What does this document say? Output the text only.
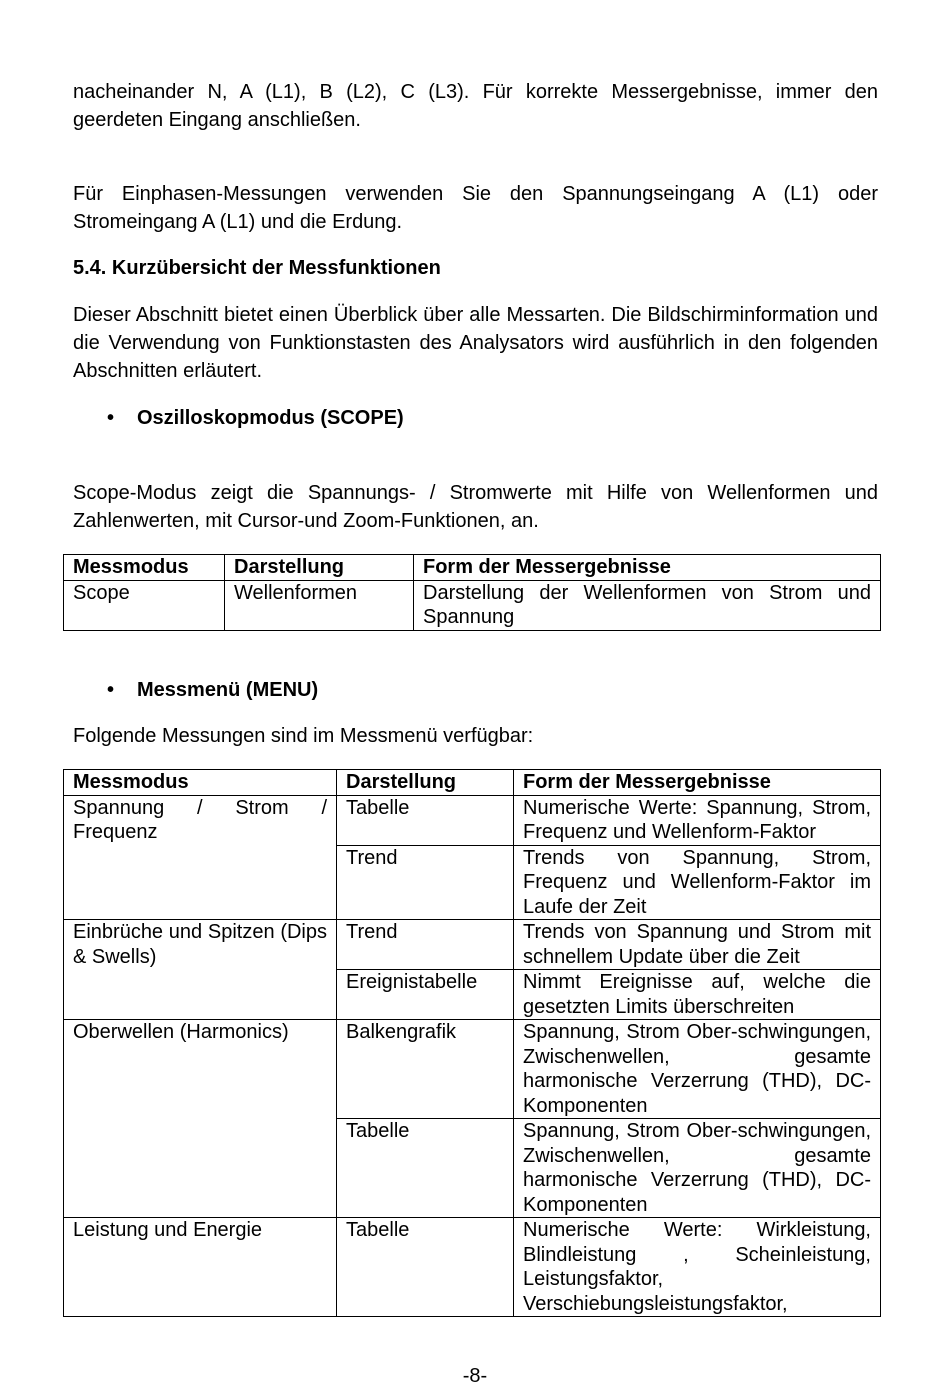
nacheinander N, A (L1), B (L2), C (L3). Für korrekte Messergebnisse, immer den geerdeten Eingang anschließen.

Für Einphasen-Messungen verwenden Sie den Spannungseingang A (L1) oder Stromeingang A (L1) und die Erdung.

5.4. Kurzübersicht der Messfunktionen

Dieser Abschnitt bietet einen Überblick über alle Messarten. Die Bildschirminformation und die Verwendung von Funktionstasten des Analysators wird ausführlich in den folgenden Abschnitten erläutert.

• Oszilloskopmodus (SCOPE)

Scope-Modus zeigt die Spannungs- / Stromwerte mit Hilfe von Wellenformen und Zahlenwerten, mit Cursor-und Zoom-Funktionen, an.

Messmodus	Darstellung	Form der Messergebnisse
Scope	Wellenformen	Darstellung der Wellenformen von Strom und Spannung

• Messmenü (MENU)

Folgende Messungen sind im Messmenü verfügbar:

Messmodus	Darstellung	Form der Messergebnisse
Spannung / Strom / Frequenz	Tabelle	Numerische Werte: Spannung, Strom, Frequenz und Wellenform-Faktor
	Trend	Trends von Spannung, Strom, Frequenz und Wellenform-Faktor im Laufe der Zeit
Einbrüche und Spitzen (Dips & Swells)	Trend	Trends von Spannung und Strom mit schnellem Update über die Zeit
	Ereignistabelle	Nimmt Ereignisse auf, welche die gesetzten Limits überschreiten
Oberwellen (Harmonics)	Balkengrafik	Spannung, Strom Ober-schwingungen, Zwischenwellen, gesamte harmonische Verzerrung (THD), DC-Komponenten
	Tabelle	Spannung, Strom Ober-schwingungen, Zwischenwellen, gesamte harmonische Verzerrung (THD), DC-Komponenten
Leistung und Energie	Tabelle	Numerische Werte: Wirkleistung, Blindleistung , Scheinleistung, Leistungsfaktor, Verschiebungsleistungsfaktor,
-8-
